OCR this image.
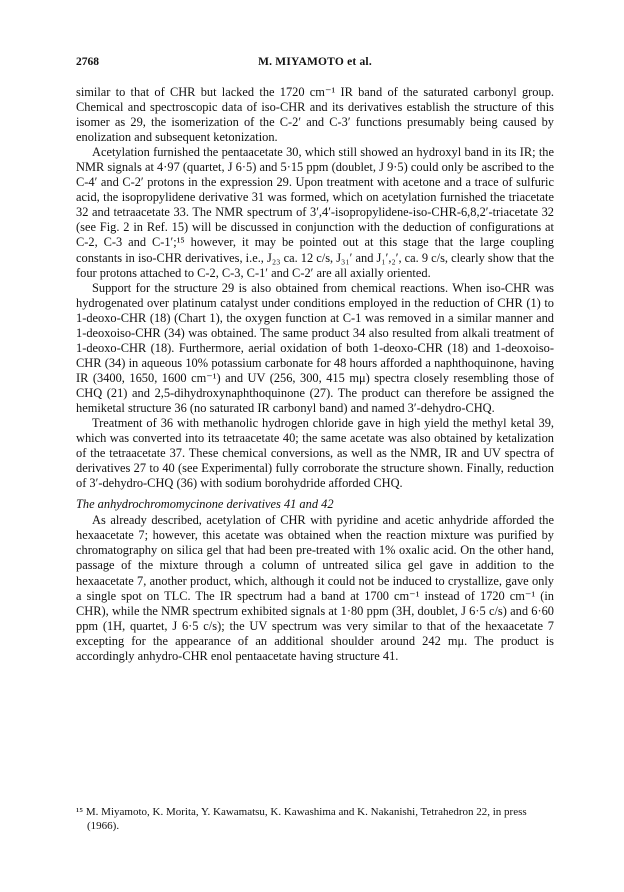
2768	M. MIYAMOTO et al.

similar to that of CHR but lacked the 1720 cm⁻¹ IR band of the saturated carbonyl group. Chemical and spectroscopic data of iso-CHR and its derivatives establish the structure of this isomer as 29, the isomerization of the C-2′ and C-3′ functions presumably being caused by enolization and subsequent ketonization.

Acetylation furnished the pentaacetate 30, which still showed an hydroxyl band in its IR; the NMR signals at 4·97 (quartet, J 6·5) and 5·15 ppm (doublet, J 9·5) could only be ascribed to the C-4′ and C-2′ protons in the expression 29. Upon treatment with acetone and a trace of sulfuric acid, the isopropylidene derivative 31 was formed, which on acetylation furnished the triacetate 32 and tetraacetate 33. The NMR spectrum of 3′,4′-isopropylidene-iso-CHR-6,8,2′-triacetate 32 (see Fig. 2 in Ref. 15) will be discussed in conjunction with the deduction of configurations at C-2, C-3 and C-1′;¹⁵ however, it may be pointed out at this stage that the large coupling constants in iso-CHR derivatives, i.e., J₂₃ ca. 12 c/s, J₃₁′ and J₁′,₂′, ca. 9 c/s, clearly show that the four protons attached to C-2, C-3, C-1′ and C-2′ are all axially oriented.

Support for the structure 29 is also obtained from chemical reactions. When iso-CHR was hydrogenated over platinum catalyst under conditions employed in the reduction of CHR (1) to 1-deoxo-CHR (18) (Chart 1), the oxygen function at C-1 was removed in a similar manner and 1-deoxoiso-CHR (34) was obtained. The same product 34 also resulted from alkali treatment of 1-deoxo-CHR (18). Furthermore, aerial oxidation of both 1-deoxo-CHR (18) and 1-deoxoiso-CHR (34) in aqueous 10% potassium carbonate for 48 hours afforded a naphthoquinone, having IR (3400, 1650, 1600 cm⁻¹) and UV (256, 300, 415 mμ) spectra closely resembling those of CHQ (21) and 2,5-dihydroxynaphthoquinone (27). The product can therefore be assigned the hemiketal structure 36 (no saturated IR carbonyl band) and named 3′-dehydro-CHQ.

Treatment of 36 with methanolic hydrogen chloride gave in high yield the methyl ketal 39, which was converted into its tetraacetate 40; the same acetate was also obtained by ketalization of the tetraacetate 37. These chemical conversions, as well as the NMR, IR and UV spectra of derivatives 27 to 40 (see Experimental) fully corroborate the structure shown. Finally, reduction of 3′-dehydro-CHQ (36) with sodium borohydride afforded CHQ.

The anhydrochromomycinone derivatives 41 and 42

As already described, acetylation of CHR with pyridine and acetic anhydride afforded the hexaacetate 7; however, this acetate was obtained when the reaction mixture was purified by chromatography on silica gel that had been pre-treated with 1% oxalic acid. On the other hand, passage of the mixture through a column of untreated silica gel gave in addition to the hexaacetate 7, another product, which, although it could not be induced to crystallize, gave only a single spot on TLC. The IR spectrum had a band at 1700 cm⁻¹ instead of 1720 cm⁻¹ (in CHR), while the NMR spectrum exhibited signals at 1·80 ppm (3H, doublet, J 6·5 c/s) and 6·60 ppm (1H, quartet, J 6·5 c/s); the UV spectrum was very similar to that of the hexaacetate 7 excepting for the appearance of an additional shoulder around 242 mμ. The product is accordingly anhydro-CHR enol pentaacetate having structure 41.

¹⁵ M. Miyamoto, K. Morita, Y. Kawamatsu, K. Kawashima and K. Nakanishi, Tetrahedron 22, in press (1966).
